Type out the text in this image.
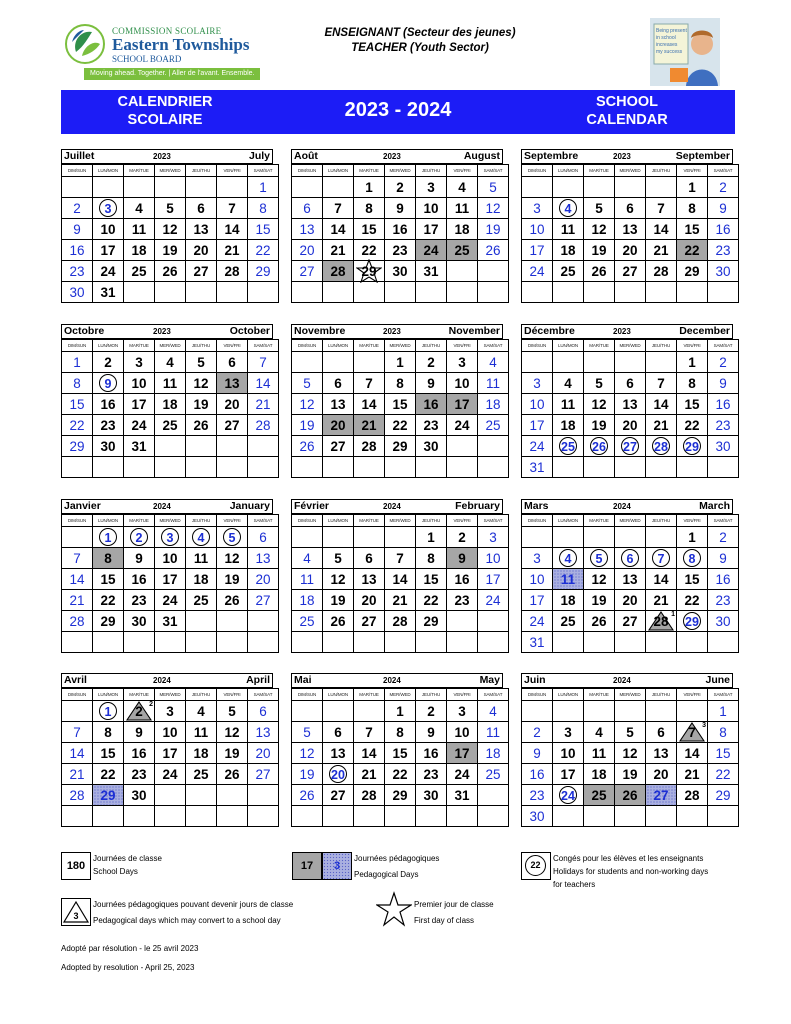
COMMISSION SCOLAIRE
Eastern Townships
SCHOOL BOARD
Moving ahead. Together. | Aller de l'avant. Ensemble.
ENSEIGNANT (Secteur des jeunes)
TEACHER (Youth Sector)
Being present
in school
increases
my success
CALENDRIER
SCOLAIRE	2023 - 2024	SCHOOL
CALENDAR
Juillet	2023	July
DIM/SUN	LUN/MON	MAR/TUE	MER/WED	JEU/THU	VEN/FRI	SAM/SAT
						1
2	3	4	5	6	7	8
9	10	11	12	13	14	15
16	17	18	19	20	21	22
23	24	25	26	27	28	29
30	31					
Août	2023	August
DIM/SUN	LUN/MON	MAR/TUE	MER/WED	JEU/THU	VEN/FRI	SAM/SAT
		1	2	3	4	5
6	7	8	9	10	11	12
13	14	15	16	17	18	19
20	21	22	23	24	25	26
27	28	29	30	31		

Septembre	2023	September
DIM/SUN	LUN/MON	MAR/TUE	MER/WED	JEU/THU	VEN/FRI	SAM/SAT
					1	2
3	4	5	6	7	8	9
10	11	12	13	14	15	16
17	18	19	20	21	22	23
24	25	26	27	28	29	30

Octobre	2023	October
DIM/SUN	LUN/MON	MAR/TUE	MER/WED	JEU/THU	VEN/FRI	SAM/SAT
1	2	3	4	5	6	7
8	9	10	11	12	13	14
15	16	17	18	19	20	21
22	23	24	25	26	27	28
29	30	31				

Novembre	2023	November
DIM/SUN	LUN/MON	MAR/TUE	MER/WED	JEU/THU	VEN/FRI	SAM/SAT
			1	2	3	4
5	6	7	8	9	10	11
12	13	14	15	16	17	18
19	20	21	22	23	24	25
26	27	28	29	30		

Décembre	2023	December
DIM/SUN	LUN/MON	MAR/TUE	MER/WED	JEU/THU	VEN/FRI	SAM/SAT
					1	2
3	4	5	6	7	8	9
10	11	12	13	14	15	16
17	18	19	20	21	22	23
24	25	26	27	28	29	30
31						
Janvier	2024	January
DIM/SUN	LUN/MON	MAR/TUE	MER/WED	JEU/THU	VEN/FRI	SAM/SAT
	1	2	3	4	5	6
7	8	9	10	11	12	13
14	15	16	17	18	19	20
21	22	23	24	25	26	27
28	29	30	31			

Février	2024	February
DIM/SUN	LUN/MON	MAR/TUE	MER/WED	JEU/THU	VEN/FRI	SAM/SAT
				1	2	3
4	5	6	7	8	9	10
11	12	13	14	15	16	17
18	19	20	21	22	23	24
25	26	27	28	29		

Mars	2024	March
DIM/SUN	LUN/MON	MAR/TUE	MER/WED	JEU/THU	VEN/FRI	SAM/SAT
					1	2
3	4	5	6	7	8	9
10	11	12	13	14	15	16
17	18	19	20	21	22	23
24	25	26	27	28 1	29	30
31						
Avril	2024	April
DIM/SUN	LUN/MON	MAR/TUE	MER/WED	JEU/THU	VEN/FRI	SAM/SAT
	1	2 2	3	4	5	6
7	8	9	10	11	12	13
14	15	16	17	18	19	20
21	22	23	24	25	26	27
28	29	30				

Mai	2024	May
DIM/SUN	LUN/MON	MAR/TUE	MER/WED	JEU/THU	VEN/FRI	SAM/SAT
			1	2	3	4
5	6	7	8	9	10	11
12	13	14	15	16	17	18
19	20	21	22	23	24	25
26	27	28	29	30	31	

Juin	2024	June
DIM/SUN	LUN/MON	MAR/TUE	MER/WED	JEU/THU	VEN/FRI	SAM/SAT
						1
2	3	4	5	6	7 3	8
9	10	11	12	13	14	15
16	17	18	19	20	21	22
23	24	25	26	27	28	29
30						
180
Journées de classe
School Days	17	3
Journées pédagogiques
Pedagogical Days
22
Congés pour les élèves et les enseignants
Holidays for students and non-working days
for teachers
3
Journées pédagogiques pouvant devenir jours de classe
Pedagogical days which may convert to a school day
Premier jour de classe
First day of class
Adopté par résolution - le 25 avril 2023
Adopted by resolution - April 25, 2023
